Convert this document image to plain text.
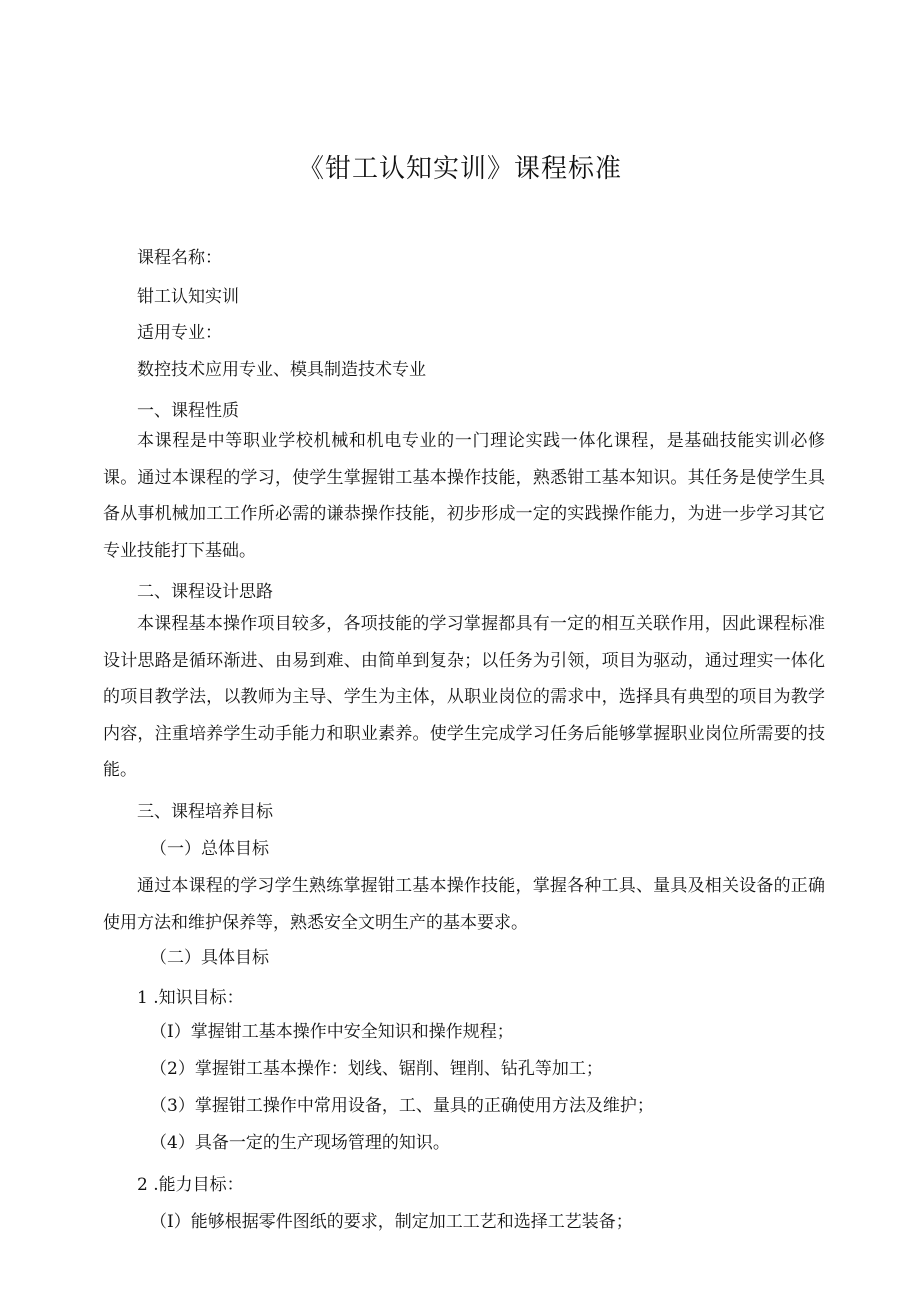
《钳工认知实训》课程标准
课程名称：
钳工认知实训
适用专业：
数控技术应用专业、模具制造技术专业
一、课程性质
本课程是中等职业学校机械和机电专业的一门理论实践一体化课程，是基础技能实训必修课。通过本课程的学习，使学生掌握钳工基本操作技能，熟悉钳工基本知识。其任务是使学生具备从事机械加工工作所必需的谦恭操作技能，初步形成一定的实践操作能力，为进一步学习其它专业技能打下基础。
二、课程设计思路
本课程基本操作项目较多，各项技能的学习掌握都具有一定的相互关联作用，因此课程标准设计思路是循环渐进、由易到难、由简单到复杂；以任务为引领，项目为驱动，通过理实一体化的项目教学法，以教师为主导、学生为主体，从职业岗位的需求中，选择具有典型的项目为教学内容，注重培养学生动手能力和职业素养。使学生完成学习任务后能够掌握职业岗位所需要的技能。
三、课程培养目标
（一）总体目标
通过本课程的学习学生熟练掌握钳工基本操作技能，掌握各种工具、量具及相关设备的正确使用方法和维护保养等，熟悉安全文明生产的基本要求。
（二）具体目标
1 .知识目标：
（I）掌握钳工基本操作中安全知识和操作规程；
（2）掌握钳工基本操作：划线、锯削、锂削、钻孔等加工；
（3）掌握钳工操作中常用设备，工、量具的正确使用方法及维护；
（4）具备一定的生产现场管理的知识。
2 .能力目标：
（I）能够根据零件图纸的要求，制定加工工艺和选择工艺装备；
